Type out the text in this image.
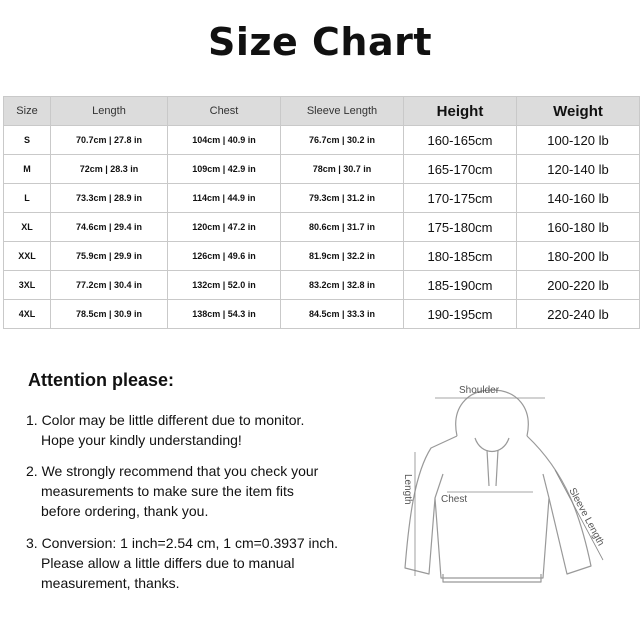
Size Chart
Size	Length	Chest	Sleeve Length	Height	Weight
S	70.7cm | 27.8 in	104cm | 40.9 in	76.7cm | 30.2 in	160-165cm	100-120 lb
M	72cm | 28.3 in	109cm | 42.9 in	78cm | 30.7 in	165-170cm	120-140 lb
L	73.3cm | 28.9 in	114cm | 44.9 in	79.3cm | 31.2 in	170-175cm	140-160 lb
XL	74.6cm | 29.4 in	120cm | 47.2 in	80.6cm | 31.7 in	175-180cm	160-180 lb
XXL	75.9cm | 29.9 in	126cm | 49.6 in	81.9cm | 32.2 in	180-185cm	180-200 lb
3XL	77.2cm | 30.4 in	132cm | 52.0 in	83.2cm | 32.8 in	185-190cm	200-220 lb
4XL	78.5cm | 30.9 in	138cm | 54.3 in	84.5cm | 33.3 in	190-195cm	220-240 lb
Attention please:
1. Color may be little different due to monitor.
Hope your kindly understanding!
2. We strongly recommend that you check your
measurements to make sure the item fits
before ordering, thank you.
3. Conversion: 1 inch=2.54 cm, 1 cm=0.3937 inch.
Please allow a little differs due to manual
measurement, thanks.
Shoulder
Chest
Length	Sleeve Length
